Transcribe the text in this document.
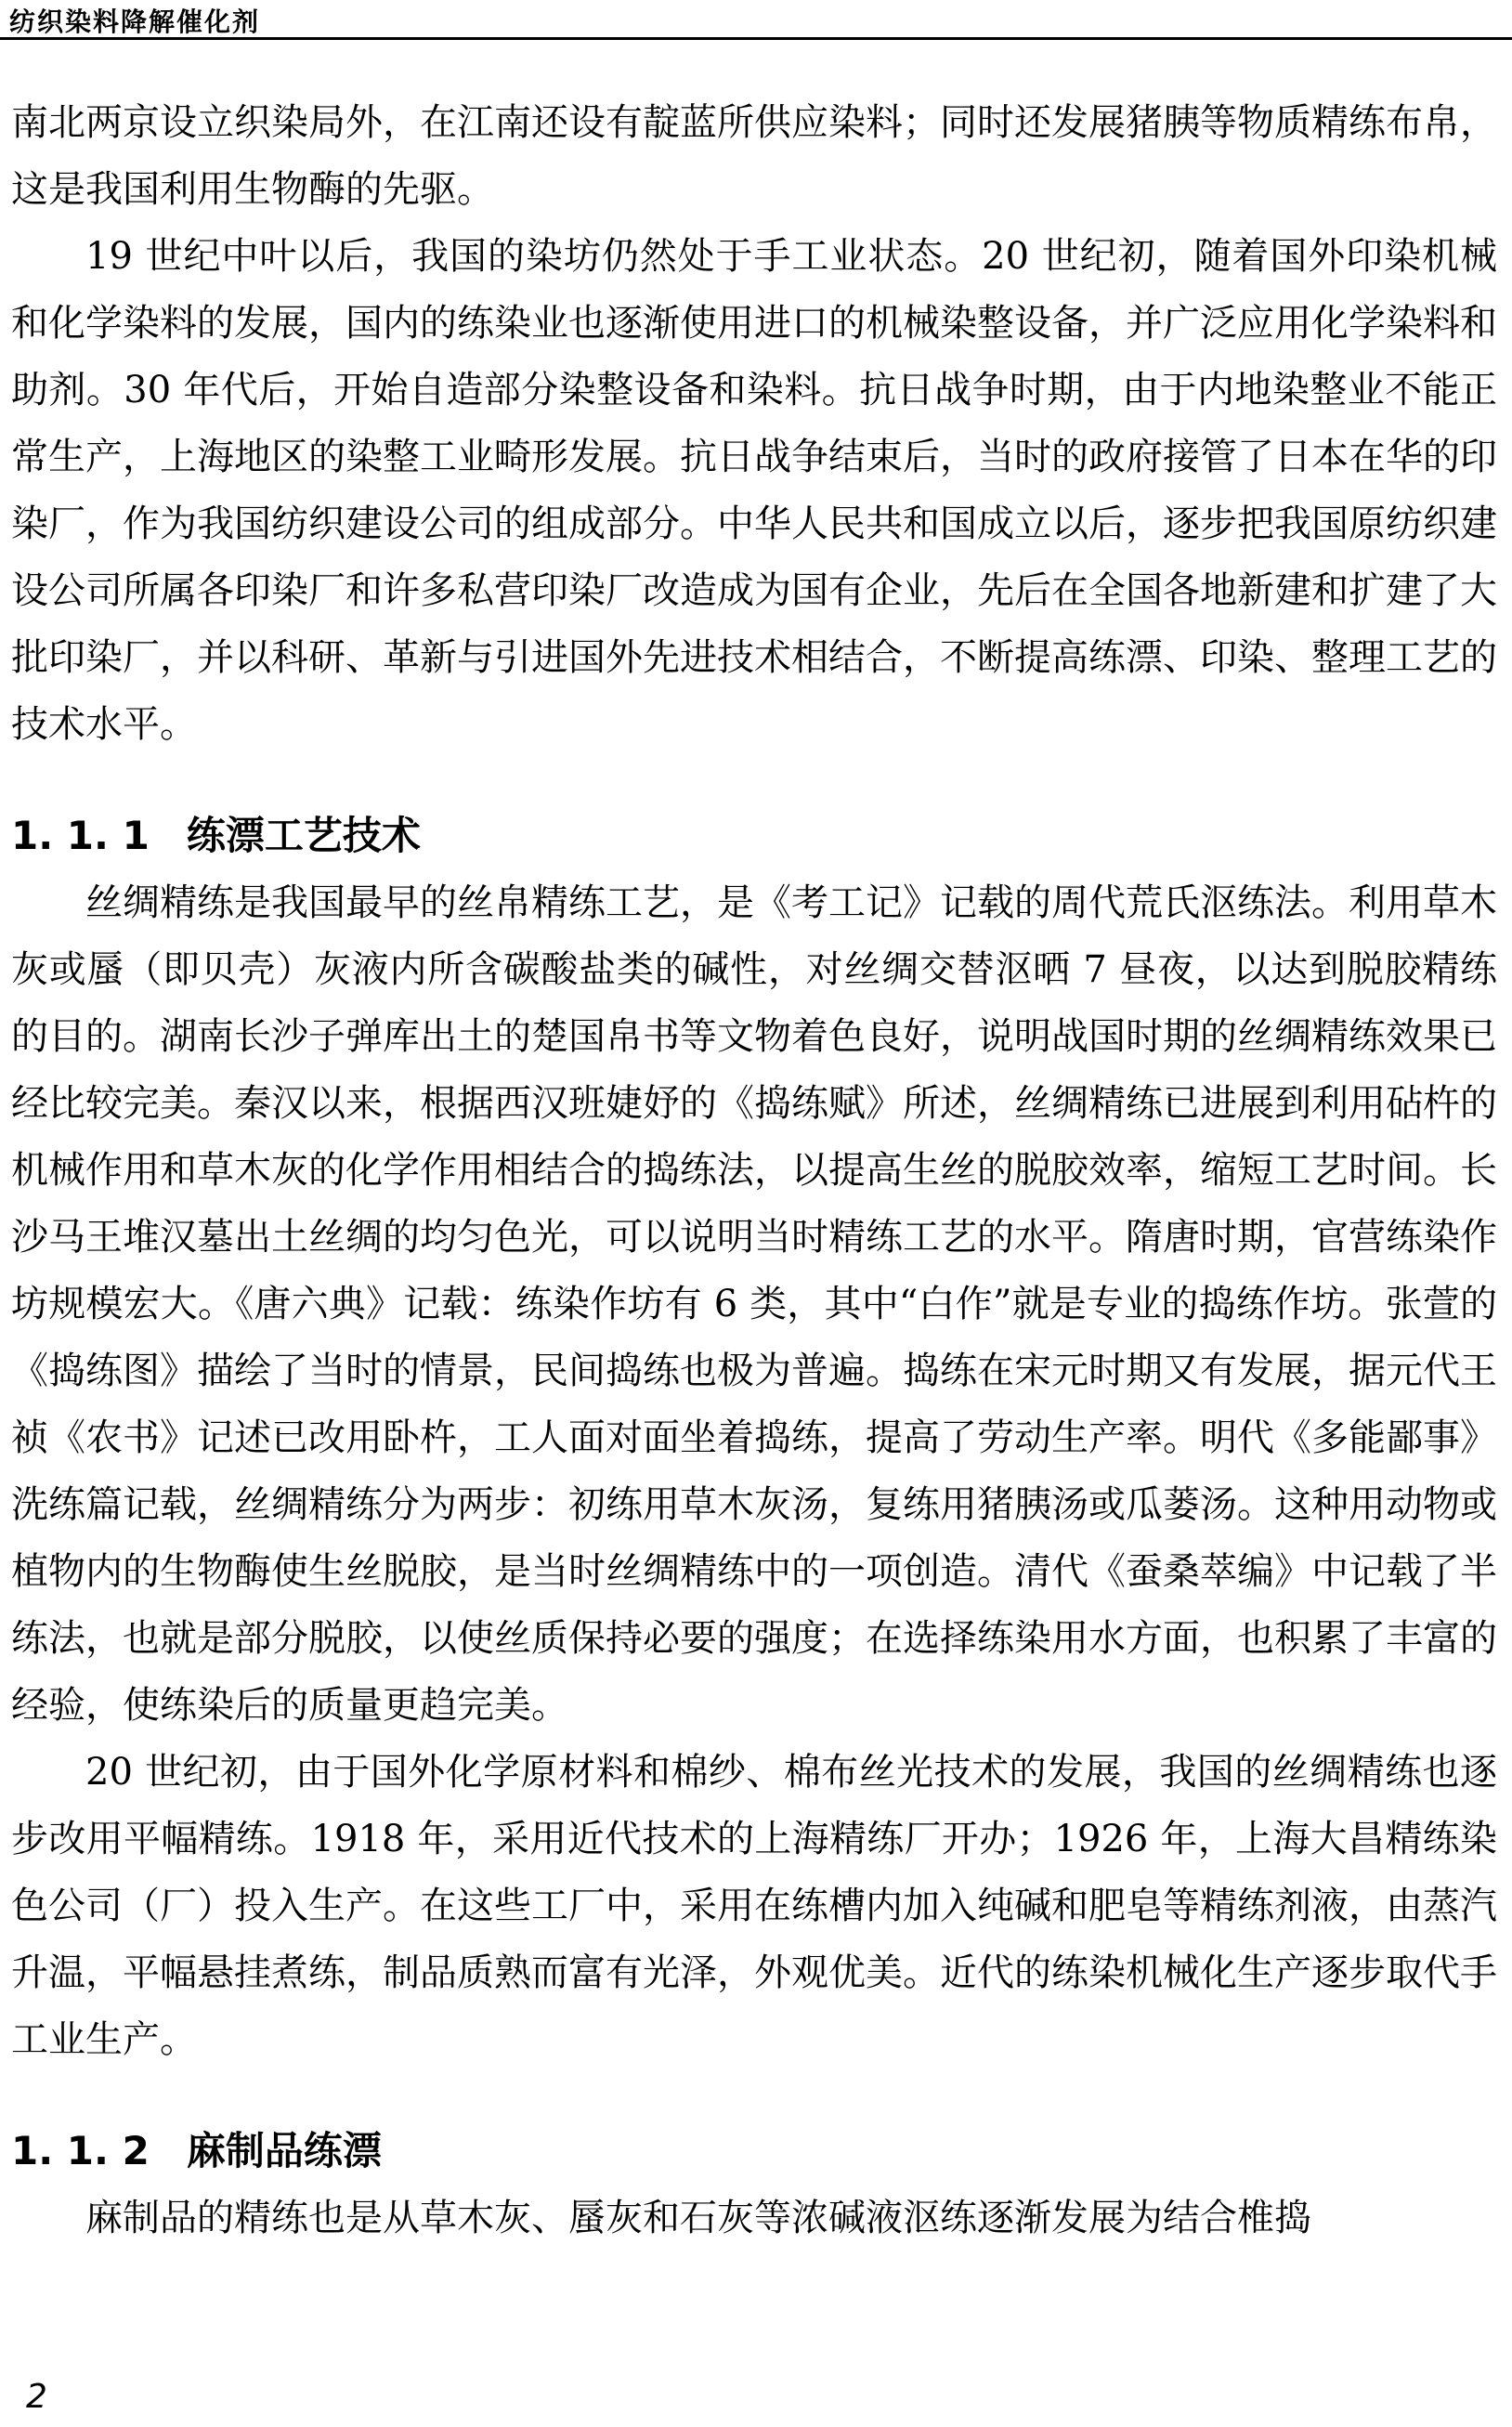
纺织染料降解催化剂

南北两京设立织染局外，在江南还设有靛蓝所供应染料；同时还发展猪胰等物质精练布帛，这是我国利用生物酶的先驱。

19 世纪中叶以后，我国的染坊仍然处于手工业状态。20 世纪初，随着国外印染机械和化学染料的发展，国内的练染业也逐渐使用进口的机械染整设备，并广泛应用化学染料和助剂。30 年代后，开始自造部分染整设备和染料。抗日战争时期，由于内地染整业不能正常生产，上海地区的染整工业畸形发展。抗日战争结束后，当时的政府接管了日本在华的印染厂，作为我国纺织建设公司的组成部分。中华人民共和国成立以后，逐步把我国原纺织建设公司所属各印染厂和许多私营印染厂改造成为国有企业，先后在全国各地新建和扩建了大批印染厂，并以科研、革新与引进国外先进技术相结合，不断提高练漂、印染、整理工艺的技术水平。

1. 1. 1 练漂工艺技术

丝绸精练是我国最早的丝帛精练工艺，是《考工记》记载的周代荒氏沤练法。利用草木灰或蜃（即贝壳）灰液内所含碳酸盐类的碱性，对丝绸交替沤晒 7 昼夜，以达到脱胶精练的目的。湖南长沙子弹库出土的楚国帛书等文物着色良好，说明战国时期的丝绸精练效果已经比较完美。秦汉以来，根据西汉班婕妤的《捣练赋》所述，丝绸精练已进展到利用砧杵的机械作用和草木灰的化学作用相结合的捣练法，以提高生丝的脱胶效率，缩短工艺时间。长沙马王堆汉墓出土丝绸的均匀色光，可以说明当时精练工艺的水平。隋唐时期，官营练染作坊规模宏大。《唐六典》记载：练染作坊有 6 类，其中“白作”就是专业的捣练作坊。张萱的《捣练图》描绘了当时的情景，民间捣练也极为普遍。捣练在宋元时期又有发展，据元代王祯《农书》记述已改用卧杵，工人面对面坐着捣练，提高了劳动生产率。明代《多能鄙事》洗练篇记载，丝绸精练分为两步：初练用草木灰汤，复练用猪胰汤或瓜蒌汤。这种用动物或植物内的生物酶使生丝脱胶，是当时丝绸精练中的一项创造。清代《蚕桑萃编》中记载了半练法，也就是部分脱胶，以使丝质保持必要的强度；在选择练染用水方面，也积累了丰富的经验，使练染后的质量更趋完美。

20 世纪初，由于国外化学原材料和棉纱、棉布丝光技术的发展，我国的丝绸精练也逐步改用平幅精练。1918 年，采用近代技术的上海精练厂开办；1926 年，上海大昌精练染色公司（厂）投入生产。在这些工厂中，采用在练槽内加入纯碱和肥皂等精练剂液，由蒸汽升温，平幅悬挂煮练，制品质熟而富有光泽，外观优美。近代的练染机械化生产逐步取代手工业生产。

1. 1. 2 麻制品练漂

麻制品的精练也是从草木灰、蜃灰和石灰等浓碱液沤练逐渐发展为结合椎捣

2
